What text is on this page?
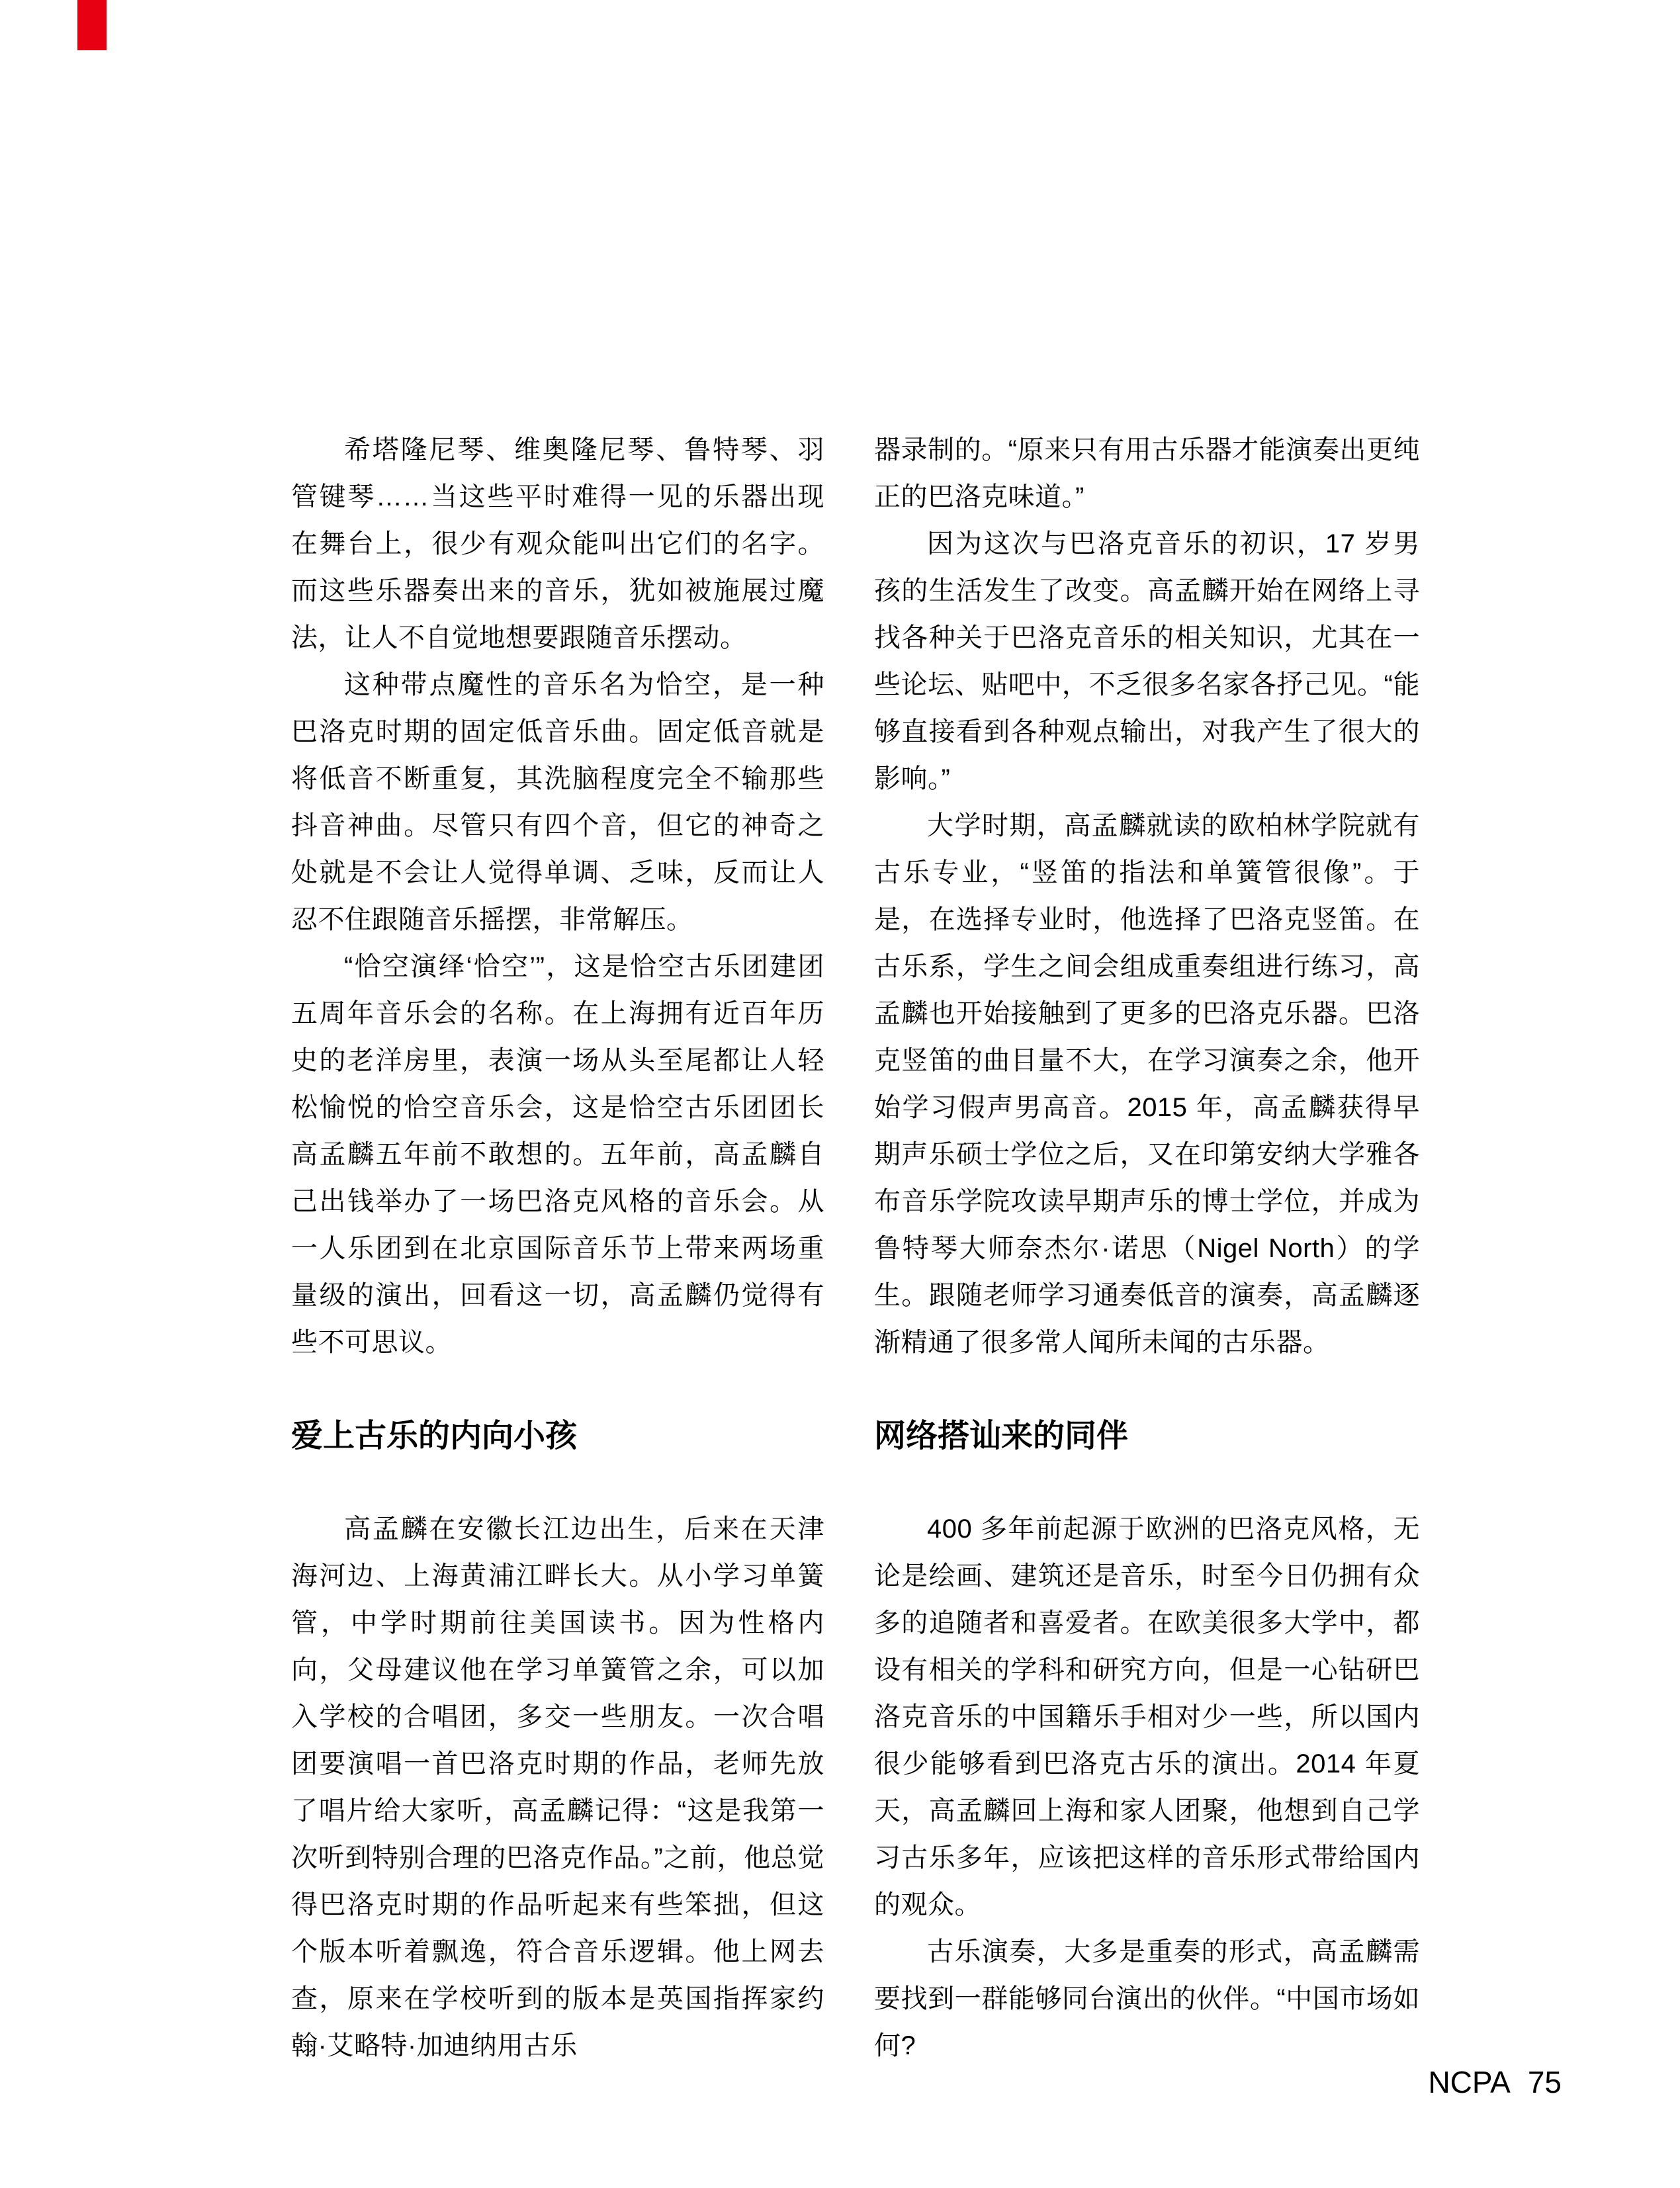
希塔隆尼琴、维奥隆尼琴、鲁特琴、羽管键琴……当这些平时难得一见的乐器出现在舞台上，很少有观众能叫出它们的名字。而这些乐器奏出来的音乐，犹如被施展过魔法，让人不自觉地想要跟随音乐摆动。

这种带点魔性的音乐名为恰空，是一种巴洛克时期的固定低音乐曲。固定低音就是将低音不断重复，其洗脑程度完全不输那些抖音神曲。尽管只有四个音，但它的神奇之处就是不会让人觉得单调、乏味，反而让人忍不住跟随音乐摇摆，非常解压。

“恰空演绎‘恰空’”，这是恰空古乐团建团五周年音乐会的名称。在上海拥有近百年历史的老洋房里，表演一场从头至尾都让人轻松愉悦的恰空音乐会，这是恰空古乐团团长高孟麟五年前不敢想的。五年前，高孟麟自己出钱举办了一场巴洛克风格的音乐会。从一人乐团到在北京国际音乐节上带来两场重量级的演出，回看这一切，高孟麟仍觉得有些不可思议。

爱上古乐的内向小孩

高孟麟在安徽长江边出生，后来在天津海河边、上海黄浦江畔长大。从小学习单簧管，中学时期前往美国读书。因为性格内向，父母建议他在学习单簧管之余，可以加入学校的合唱团，多交一些朋友。一次合唱团要演唱一首巴洛克时期的作品，老师先放了唱片给大家听，高孟麟记得：“这是我第一次听到特别合理的巴洛克作品。”之前，他总觉得巴洛克时期的作品听起来有些笨拙，但这个版本听着飘逸，符合音乐逻辑。他上网去查，原来在学校听到的版本是英国指挥家约翰·艾略特·加迪纳用古乐

器录制的。“原来只有用古乐器才能演奏出更纯正的巴洛克味道。”

因为这次与巴洛克音乐的初识，17 岁男孩的生活发生了改变。高孟麟开始在网络上寻找各种关于巴洛克音乐的相关知识，尤其在一些论坛、贴吧中，不乏很多名家各抒己见。“能够直接看到各种观点输出，对我产生了很大的影响。”

大学时期，高孟麟就读的欧柏林学院就有古乐专业，“竖笛的指法和单簧管很像”。于是，在选择专业时，他选择了巴洛克竖笛。在古乐系，学生之间会组成重奏组进行练习，高孟麟也开始接触到了更多的巴洛克乐器。巴洛克竖笛的曲目量不大，在学习演奏之余，他开始学习假声男高音。2015 年，高孟麟获得早期声乐硕士学位之后，又在印第安纳大学雅各布音乐学院攻读早期声乐的博士学位，并成为鲁特琴大师奈杰尔·诺思（Nigel North）的学生。跟随老师学习通奏低音的演奏，高孟麟逐渐精通了很多常人闻所未闻的古乐器。

网络搭讪来的同伴

400 多年前起源于欧洲的巴洛克风格，无论是绘画、建筑还是音乐，时至今日仍拥有众多的追随者和喜爱者。在欧美很多大学中，都设有相关的学科和研究方向，但是一心钻研巴洛克音乐的中国籍乐手相对少一些，所以国内很少能够看到巴洛克古乐的演出。2014 年夏天，高孟麟回上海和家人团聚，他想到自己学习古乐多年，应该把这样的音乐形式带给国内的观众。

古乐演奏，大多是重奏的形式，高孟麟需要找到一群能够同台演出的伙伴。“中国市场如何?

NCPA 75
